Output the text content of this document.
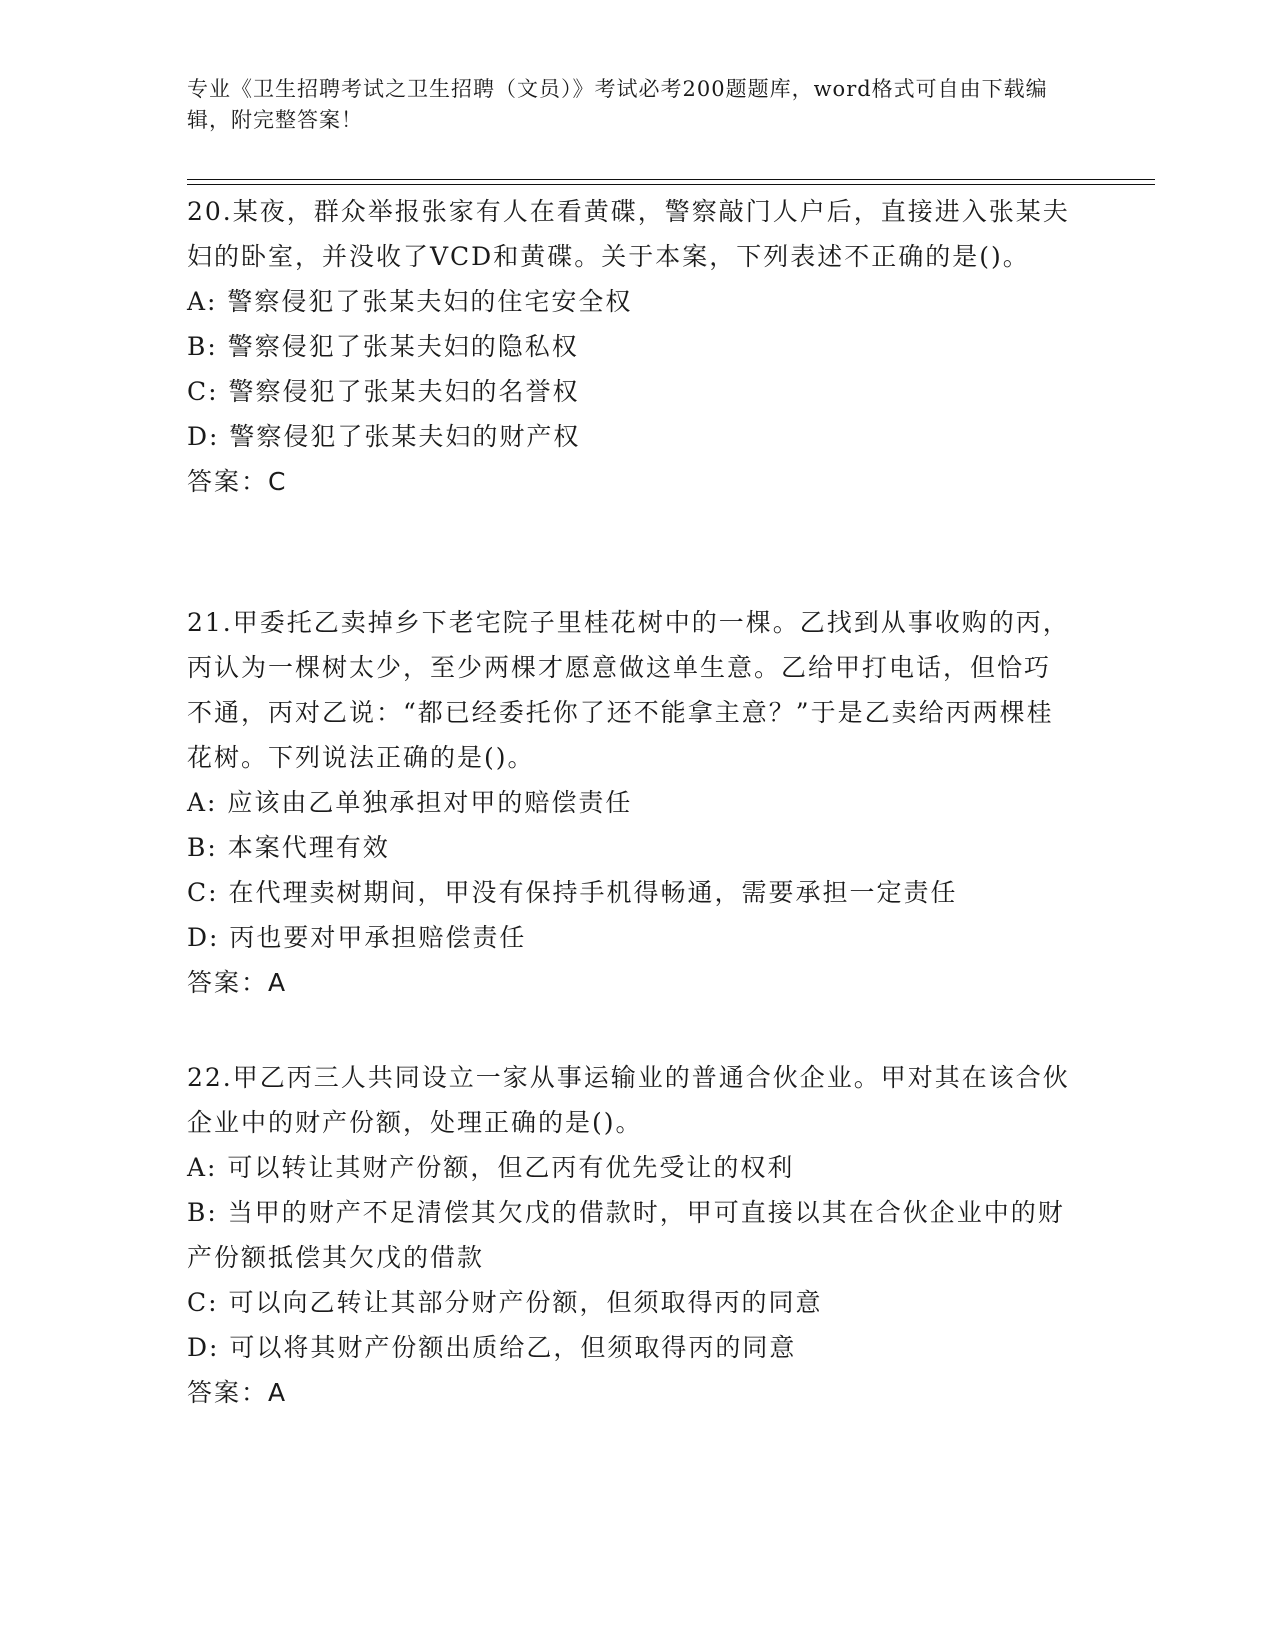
专业《卫生招聘考试之卫生招聘（文员）》考试必考200题题库，word格式可自由下载编辑，附完整答案！

20.某夜，群众举报张家有人在看黄碟，警察敲门人户后，直接进入张某夫妇的卧室，并没收了VCD和黄碟。关于本案，下列表述不正确的是()。

A: 警察侵犯了张某夫妇的住宅安全权

B: 警察侵犯了张某夫妇的隐私权

C: 警察侵犯了张某夫妇的名誉权

D: 警察侵犯了张某夫妇的财产权

答案：C

21.甲委托乙卖掉乡下老宅院子里桂花树中的一棵。乙找到从事收购的丙，丙认为一棵树太少，至少两棵才愿意做这单生意。乙给甲打电话，但恰巧不通，丙对乙说：“都已经委托你了还不能拿主意？”于是乙卖给丙两棵桂花树。下列说法正确的是()。

A: 应该由乙单独承担对甲的赔偿责任

B: 本案代理有效

C: 在代理卖树期间，甲没有保持手机得畅通，需要承担一定责任

D: 丙也要对甲承担赔偿责任

答案：A

22.甲乙丙三人共同设立一家从事运输业的普通合伙企业。甲对其在该合伙企业中的财产份额，处理正确的是()。

A: 可以转让其财产份额，但乙丙有优先受让的权利

B: 当甲的财产不足清偿其欠戊的借款时，甲可直接以其在合伙企业中的财产份额抵偿其欠戊的借款

C: 可以向乙转让其部分财产份额，但须取得丙的同意

D: 可以将其财产份额出质给乙，但须取得丙的同意

答案：A
